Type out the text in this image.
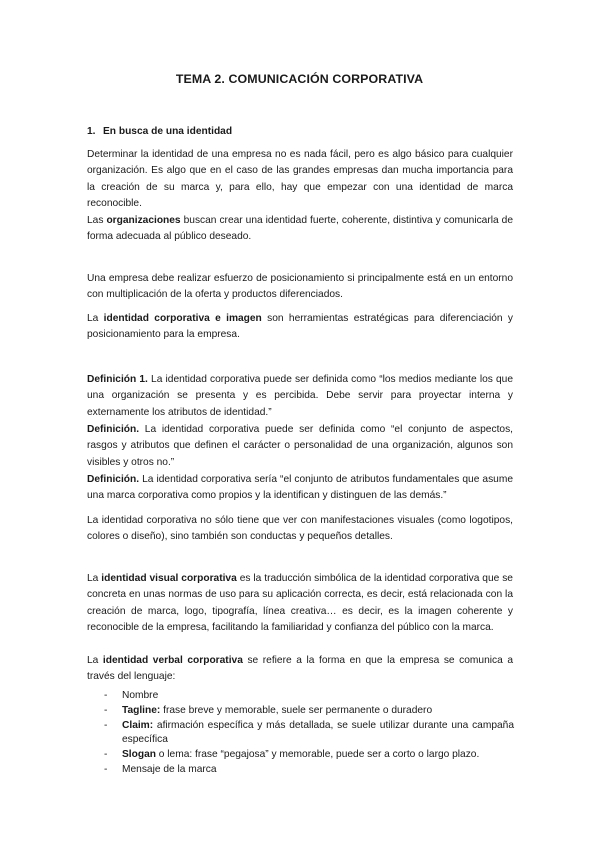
TEMA 2. COMUNICACIÓN CORPORATIVA

1. En busca de una identidad

Determinar la identidad de una empresa no es nada fácil, pero es algo básico para cualquier organización. Es algo que en el caso de las grandes empresas dan mucha importancia para la creación de su marca y, para ello, hay que empezar con una identidad de marca reconocible.

Las organizaciones buscan crear una identidad fuerte, coherente, distintiva y comunicarla de forma adecuada al público deseado.

Una empresa debe realizar esfuerzo de posicionamiento si principalmente está en un entorno con multiplicación de la oferta y productos diferenciados.

La identidad corporativa e imagen son herramientas estratégicas para diferenciación y posicionamiento para la empresa.

Definición 1. La identidad corporativa puede ser definida como “los medios mediante los que una organización se presenta y es percibida. Debe servir para proyectar interna y externamente los atributos de identidad.”

Definición. La identidad corporativa puede ser definida como “el conjunto de aspectos, rasgos y atributos que definen el carácter o personalidad de una organización, algunos son visibles y otros no.”

Definición. La identidad corporativa sería “el conjunto de atributos fundamentales que asume una marca corporativa como propios y la identifican y distinguen de las demás.”

La identidad corporativa no sólo tiene que ver con manifestaciones visuales (como logotipos, colores o diseño), sino también son conductas y pequeños detalles.

La identidad visual corporativa es la traducción simbólica de la identidad corporativa que se concreta en unas normas de uso para su aplicación correcta, es decir, está relacionada con la creación de marca, logo, tipografía, línea creativa… es decir, es la imagen coherente y reconocible de la empresa, facilitando la familiaridad y confianza del público con la marca.

La identidad verbal corporativa se refiere a la forma en que la empresa se comunica a través del lenguaje:

- Nombre
- Tagline: frase breve y memorable, suele ser permanente o duradero
- Claim: afirmación específica y más detallada, se suele utilizar durante una campaña específica
- Slogan o lema: frase “pegajosa” y memorable, puede ser a corto o largo plazo.
- Mensaje de la marca
